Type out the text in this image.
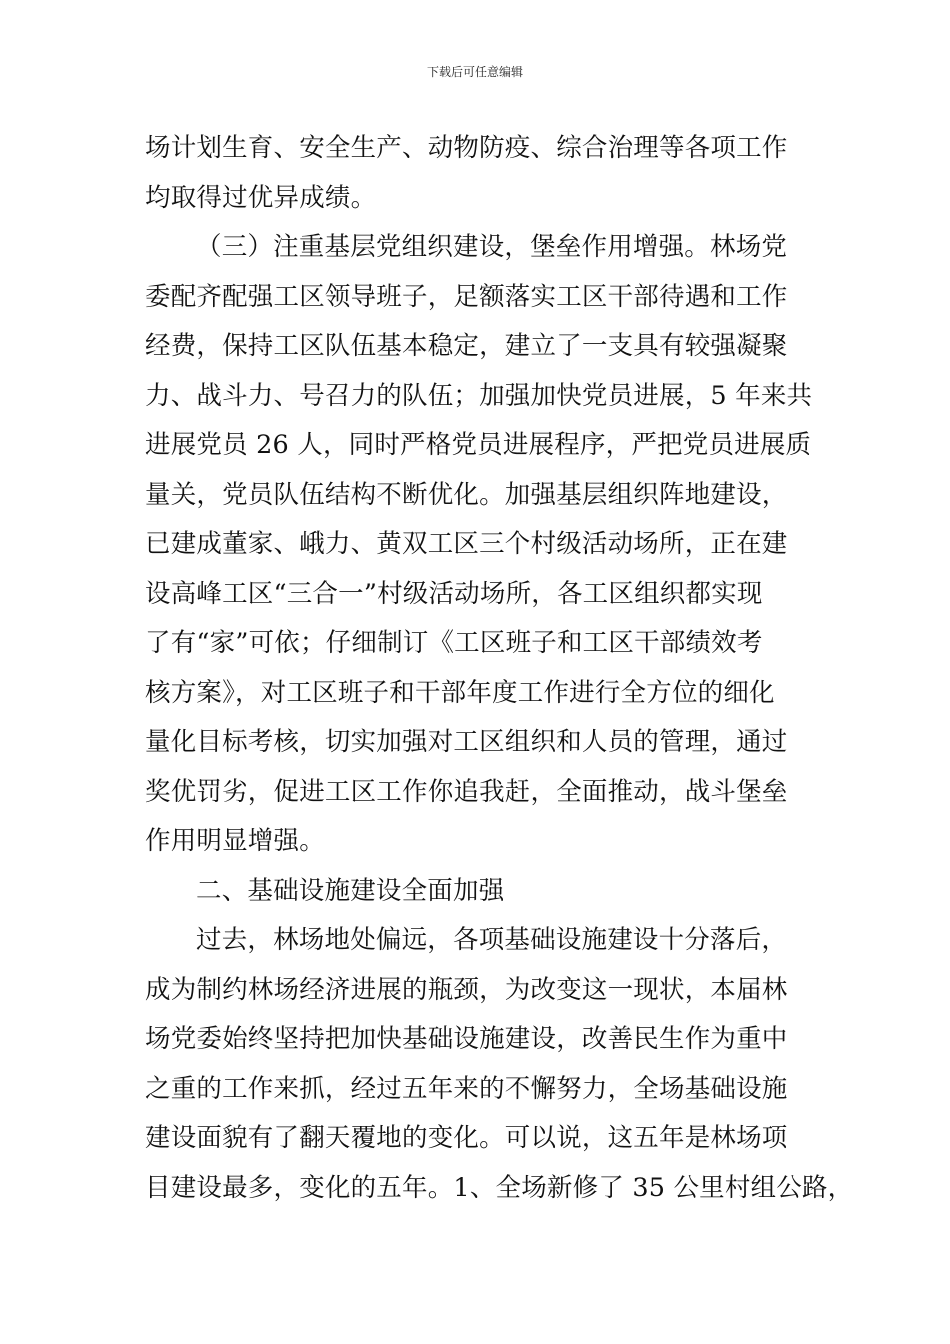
下载后可任意编辑
场计划生育、安全生产、动物防疫、综合治理等各项工作
均取得过优异成绩。
（三）注重基层党组织建设，堡垒作用增强。林场党
委配齐配强工区领导班子，足额落实工区干部待遇和工作
经费，保持工区队伍基本稳定，建立了一支具有较强凝聚
力、战斗力、号召力的队伍；加强加快党员进展，5 年来共
进展党员 26 人，同时严格党员进展程序，严把党员进展质
量关，党员队伍结构不断优化。加强基层组织阵地建设，
已建成董家、峨力、黄双工区三个村级活动场所，正在建
设高峰工区“三合一”村级活动场所，各工区组织都实现
了有“家”可依；仔细制订《工区班子和工区干部绩效考
核方案》，对工区班子和干部年度工作进行全方位的细化
量化目标考核，切实加强对工区组织和人员的管理，通过
奖优罚劣，促进工区工作你追我赶，全面推动，战斗堡垒
作用明显增强。
二、基础设施建设全面加强
过去，林场地处偏远，各项基础设施建设十分落后，
成为制约林场经济进展的瓶颈，为改变这一现状，本届林
场党委始终坚持把加快基础设施建设，改善民生作为重中
之重的工作来抓，经过五年来的不懈努力，全场基础设施
建设面貌有了翻天覆地的变化。可以说，这五年是林场项
目建设最多，变化的五年。1、全场新修了 35 公里村组公路，
